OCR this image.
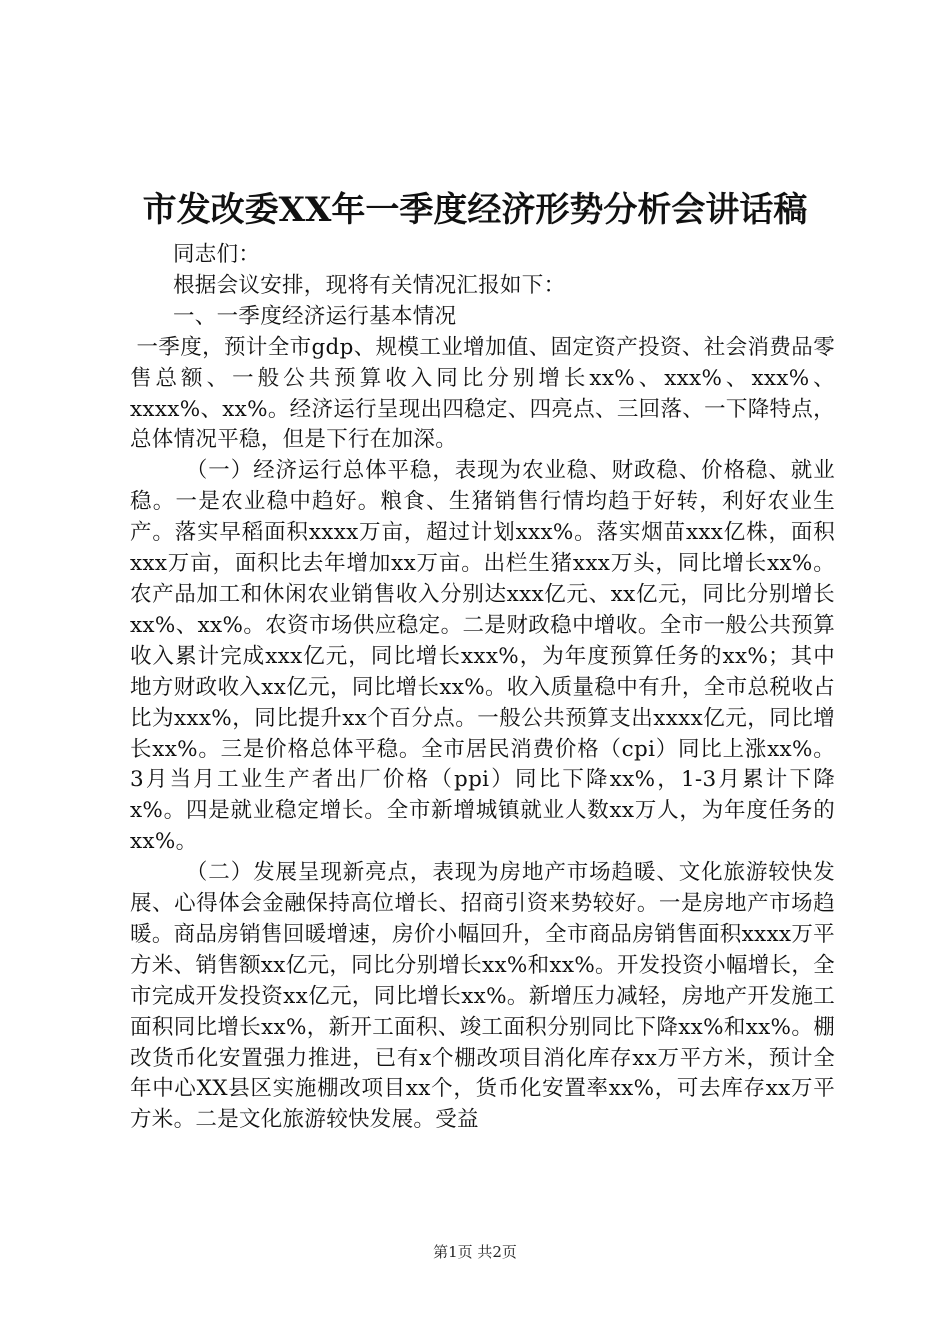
市发改委XX年一季度经济形势分析会讲话稿

同志们：

根据会议安排，现将有关情况汇报如下：

一、一季度经济运行基本情况

一季度，预计全市gdp、规模工业增加值、固定资产投资、社会消费品零售总额、一般公共预算收入同比分别增长xx%、xxx%、xxx%、xxxx%、xx%。经济运行呈现出四稳定、四亮点、三回落、一下降特点，总体情况平稳，但是下行在加深。

（一）经济运行总体平稳，表现为农业稳、财政稳、价格稳、就业稳。一是农业稳中趋好。粮食、生猪销售行情均趋于好转，利好农业生产。落实早稻面积xxxx万亩，超过计划xxx%。落实烟苗xxx亿株，面积xxx万亩，面积比去年增加xx万亩。出栏生猪xxx万头，同比增长xx%。农产品加工和休闲农业销售收入分别达xxx亿元、xx亿元，同比分别增长xx%、xx%。农资市场供应稳定。二是财政稳中增收。全市一般公共预算收入累计完成xxx亿元，同比增长xxx%，为年度预算任务的xx%；其中地方财政收入xx亿元，同比增长xx%。收入质量稳中有升，全市总税收占比为xxx%，同比提升xx个百分点。一般公共预算支出xxxx亿元，同比增长xx%。三是价格总体平稳。全市居民消费价格（cpi）同比上涨xx%。3月当月工业生产者出厂价格（ppi）同比下降xx%，1-3月累计下降x%。四是就业稳定增长。全市新增城镇就业人数xx万人，为年度任务的xx%。

（二）发展呈现新亮点，表现为房地产市场趋暖、文化旅游较快发展、心得体会金融保持高位增长、招商引资来势较好。一是房地产市场趋暖。商品房销售回暖增速，房价小幅回升，全市商品房销售面积xxxx万平方米、销售额xx亿元，同比分别增长xx%和xx%。开发投资小幅增长，全市完成开发投资xx亿元，同比增长xx%。新增压力减轻，房地产开发施工面积同比增长xx%，新开工面积、竣工面积分别同比下降xx%和xx%。棚改货币化安置强力推进，已有x个棚改项目消化库存xx万平方米，预计全年中心XX县区实施棚改项目xx个，货币化安置率xx%，可去库存xx万平方米。二是文化旅游较快发展。受益

第1页 共2页
